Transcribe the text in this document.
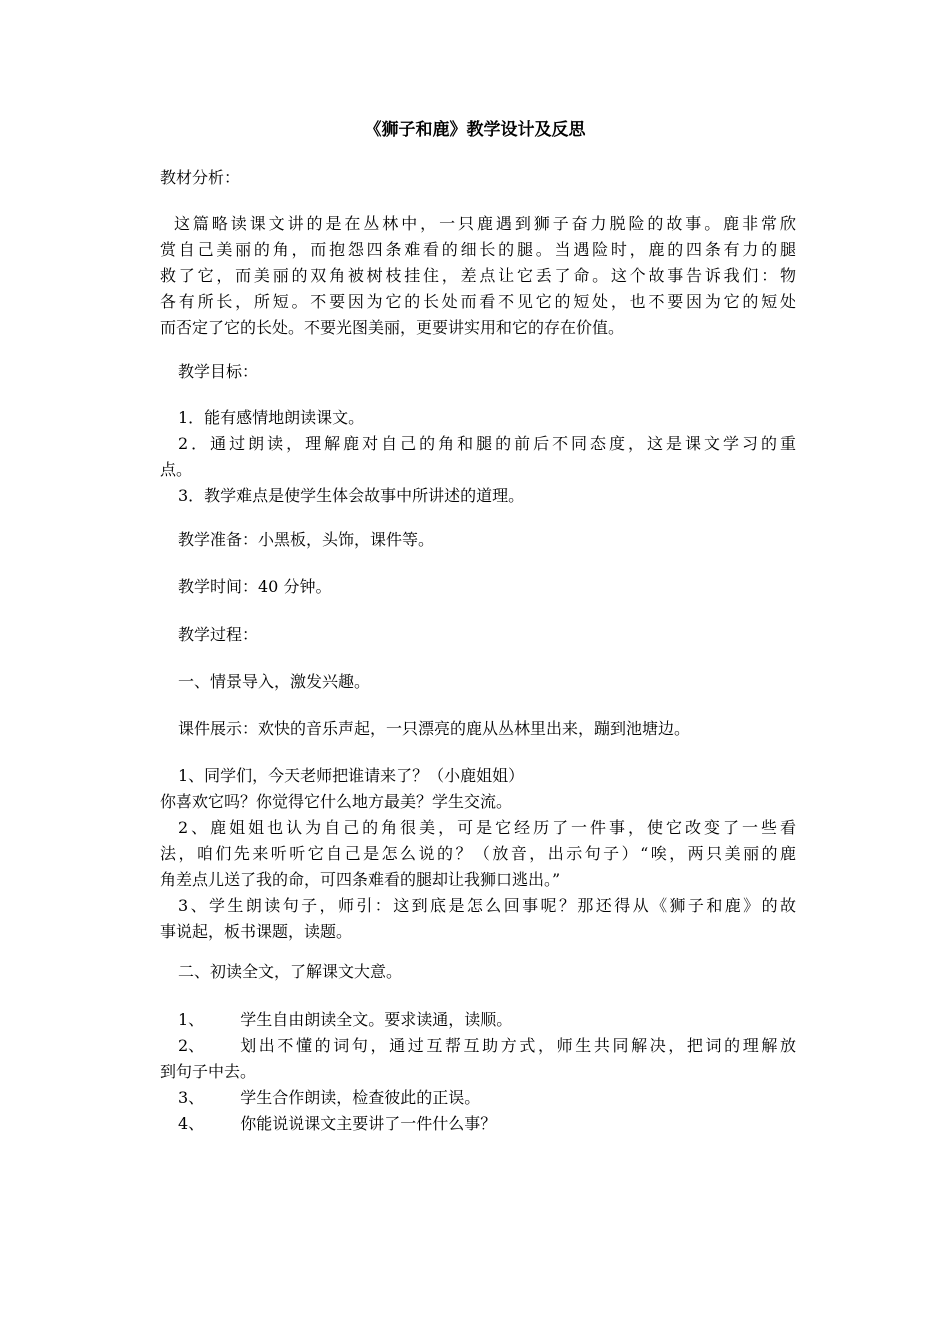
《狮子和鹿》教学设计及反思
教材分析：
这篇略读课文讲的是在丛林中，一只鹿遇到狮子奋力脱险的故事。鹿非常欣
赏自己美丽的角，而抱怨四条难看的细长的腿。当遇险时，鹿的四条有力的腿
救了它，而美丽的双角被树枝挂住，差点让它丢了命。这个故事告诉我们：物
各有所长，所短。不要因为它的长处而看不见它的短处，也不要因为它的短处
而否定了它的长处。不要光图美丽，更要讲实用和它的存在价值。
教学目标：
1．能有感情地朗读课文。
2．通过朗读，理解鹿对自己的角和腿的前后不同态度，这是课文学习的重
点。
3．教学难点是使学生体会故事中所讲述的道理。
教学准备：小黑板，头饰，课件等。
教学时间：40 分钟。
教学过程：
一、情景导入，激发兴趣。
课件展示：欢快的音乐声起，一只漂亮的鹿从丛林里出来，蹦到池塘边。
1、同学们，今天老师把谁请来了？（小鹿姐姐）
你喜欢它吗？你觉得它什么地方最美？学生交流。
2、鹿姐姐也认为自己的角很美，可是它经历了一件事，使它改变了一些看
法，咱们先来听听它自己是怎么说的？（放音，出示句子）“唉，两只美丽的鹿
角差点儿送了我的命，可四条难看的腿却让我狮口逃出。”
3、学生朗读句子，师引：这到底是怎么回事呢？那还得从《狮子和鹿》的故
事说起，板书课题，读题。
二、初读全文，了解课文大意。
1、 学生自由朗读全文。要求读通，读顺。
2、 划出不懂的词句，通过互帮互助方式，师生共同解决，把词的理解放
到句子中去。
3、 学生合作朗读，检查彼此的正误。
4、 你能说说课文主要讲了一件什么事？
